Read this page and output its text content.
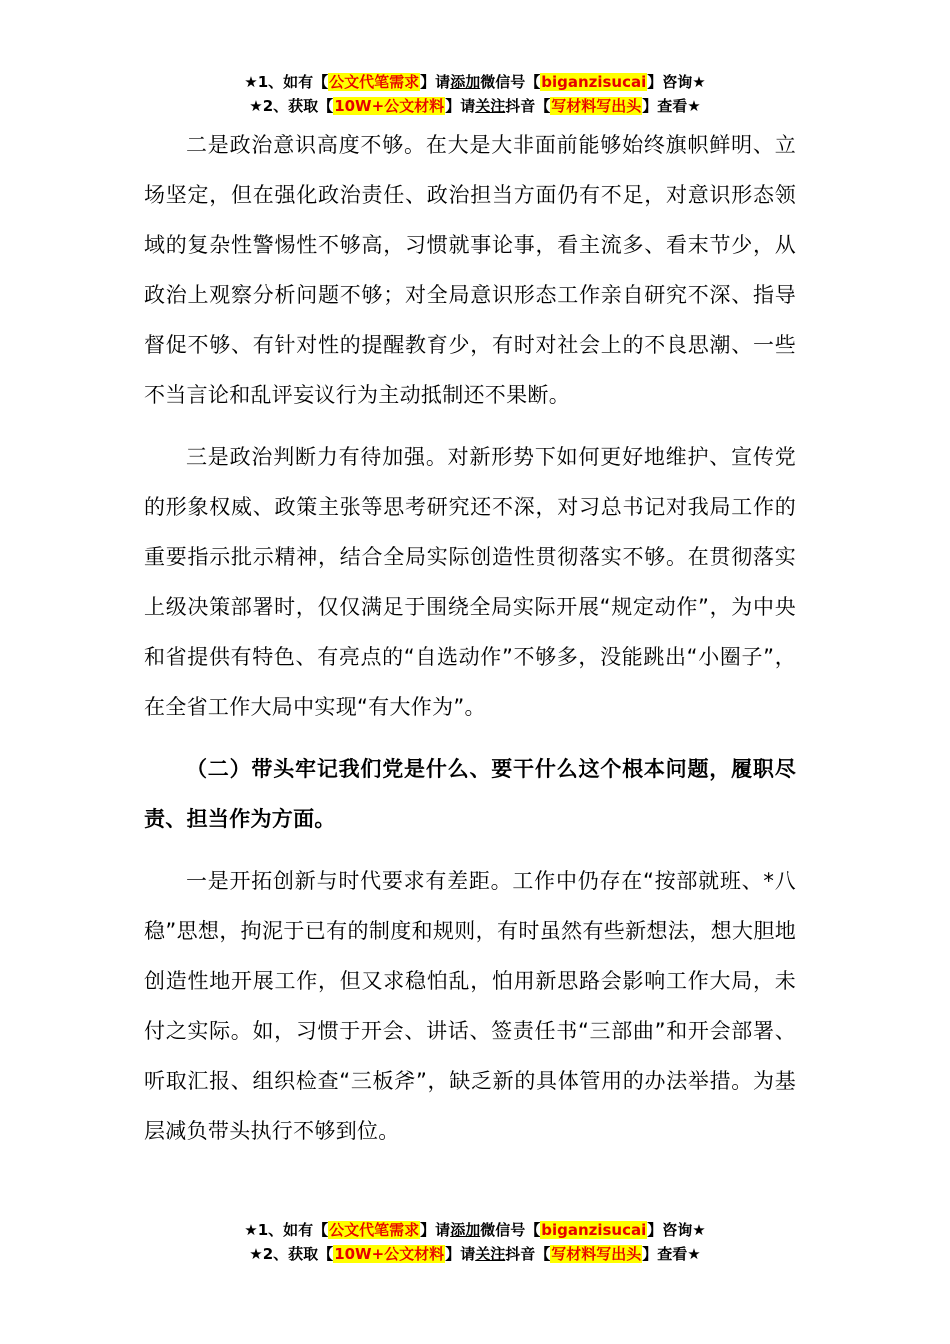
★1、如有【公文代笔需求】请添加微信号【biganzisucai】咨询★
★2、获取【10W+公文材料】请关注抖音【写材料写出头】查看★

二是政治意识高度不够。在大是大非面前能够始终旗帜鲜明、立场坚定，但在强化政治责任、政治担当方面仍有不足，对意识形态领域的复杂性警惕性不够高，习惯就事论事，看主流多、看末节少，从政治上观察分析问题不够；对全局意识形态工作亲自研究不深、指导督促不够、有针对性的提醒教育少，有时对社会上的不良思潮、一些不当言论和乱评妄议行为主动抵制还不果断。

三是政治判断力有待加强。对新形势下如何更好地维护、宣传党的形象权威、政策主张等思考研究还不深，对习总书记对我局工作的重要指示批示精神，结合全局实际创造性贯彻落实不够。在贯彻落实上级决策部署时，仅仅满足于围绕全局实际开展“规定动作”，为中央和省提供有特色、有亮点的“自选动作”不够多，没能跳出“小圈子”，在全省工作大局中实现“有大作为”。

（二）带头牢记我们党是什么、要干什么这个根本问题，履职尽责、担当作为方面。

一是开拓创新与时代要求有差距。工作中仍存在“按部就班、*八稳”思想，拘泥于已有的制度和规则，有时虽然有些新想法，想大胆地创造性地开展工作，但又求稳怕乱，怕用新思路会影响工作大局，未付之实际。如，习惯于开会、讲话、签责任书“三部曲”和开会部署、听取汇报、组织检查“三板斧”，缺乏新的具体管用的办法举措。为基层减负带头执行不够到位。

★1、如有【公文代笔需求】请添加微信号【biganzisucai】咨询★
★2、获取【10W+公文材料】请关注抖音【写材料写出头】查看★
